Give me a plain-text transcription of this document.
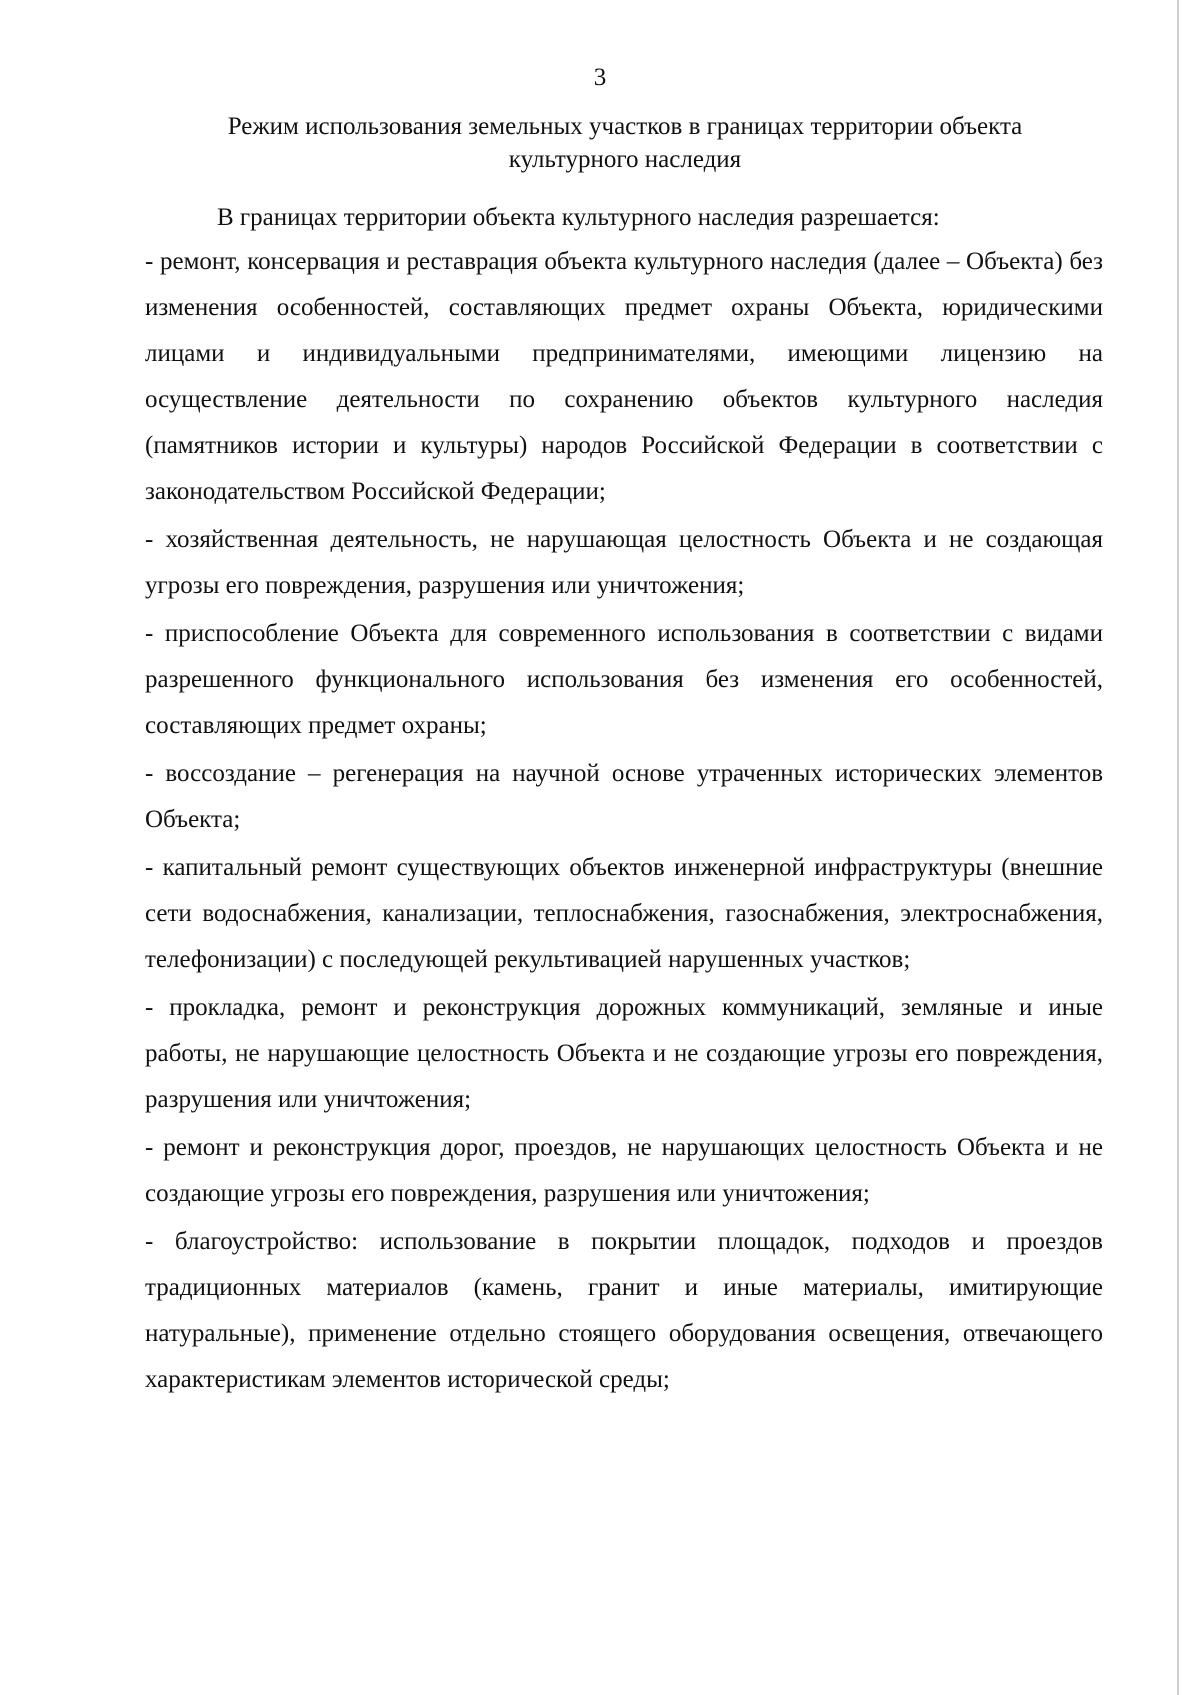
3
Режим использования земельных участков в границах территории объекта
культурного наследия
В границах территории объекта культурного наследия разрешается:

- ремонт, консервация и реставрация объекта культурного наследия (далее – Объекта) без изменения особенностей, составляющих предмет охраны Объекта, юридическими лицами и индивидуальными предпринимателями, имеющими лицензию на осуществление деятельности по сохранению объектов культурного наследия (памятников истории и культуры) народов Российской Федерации в соответствии с законодательством Российской Федерации;

- хозяйственная деятельность, не нарушающая целостность Объекта и не создающая угрозы его повреждения, разрушения или уничтожения;

- приспособление Объекта для современного использования в соответствии с видами разрешенного функционального использования без изменения его особенностей, составляющих предмет охраны;

- воссоздание – регенерация на научной основе утраченных исторических элементов Объекта;

- капитальный ремонт существующих объектов инженерной инфраструктуры (внешние сети водоснабжения, канализации, теплоснабжения, газоснабжения, электроснабжения, телефонизации) с последующей рекультивацией нарушенных участков;

- прокладка, ремонт и реконструкция дорожных коммуникаций, земляные и иные работы, не нарушающие целостность Объекта и не создающие угрозы его повреждения, разрушения или уничтожения;

- ремонт и реконструкция дорог, проездов, не нарушающих целостность Объекта и не создающие угрозы его повреждения, разрушения или уничтожения;

- благоустройство: использование в покрытии площадок, подходов и проездов традиционных материалов (камень, гранит и иные материалы, имитирующие натуральные), применение отдельно стоящего оборудования освещения, отвечающего характеристикам элементов исторической среды;
